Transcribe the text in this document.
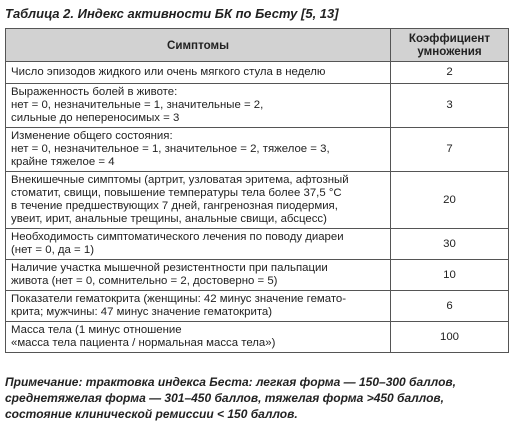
Таблица 2. Индекс активности БК по Бесту [5, 13]
Симптомы	Коэффициент
умножения

Число эпизодов жидкого или очень мягкого стула в неделю	2

Выраженность болей в животе:
нет = 0, незначительные = 1, значительные = 2,
сильные до непереносимых = 3	3

Изменение общего состояния:
нет = 0, незначительное = 1, значительное = 2, тяжелое = 3,
крайне тяжелое = 4	7

Внекишечные симптомы (артрит, узловатая эритема, афтозный
стоматит, свищи, повышение температуры тела более 37,5 °С
в течение предшествующих 7 дней, гангренозная пиодермия,
увеит, ирит, анальные трещины, анальные свищи, абсцесс)	20

Необходимость симптоматического лечения по поводу диареи
(нет = 0, да = 1)	30

Наличие участка мышечной резистентности при пальпации
живота (нет = 0, сомнительно = 2, достоверно = 5)	10

Показатели гематокрита (женщины: 42 минус значение гемато-
крита; мужчины: 47 минус значение гематокрита)	6

Масса тела (1 минус отношение
«масса тела пациента / нормальная масса тела»)	100
Примечание: трактовка индекса Беста: легкая форма — 150–300 баллов,
среднетяжелая форма — 301–450 баллов, тяжелая форма >450 баллов,
состояние клинической ремиссии < 150 баллов.
